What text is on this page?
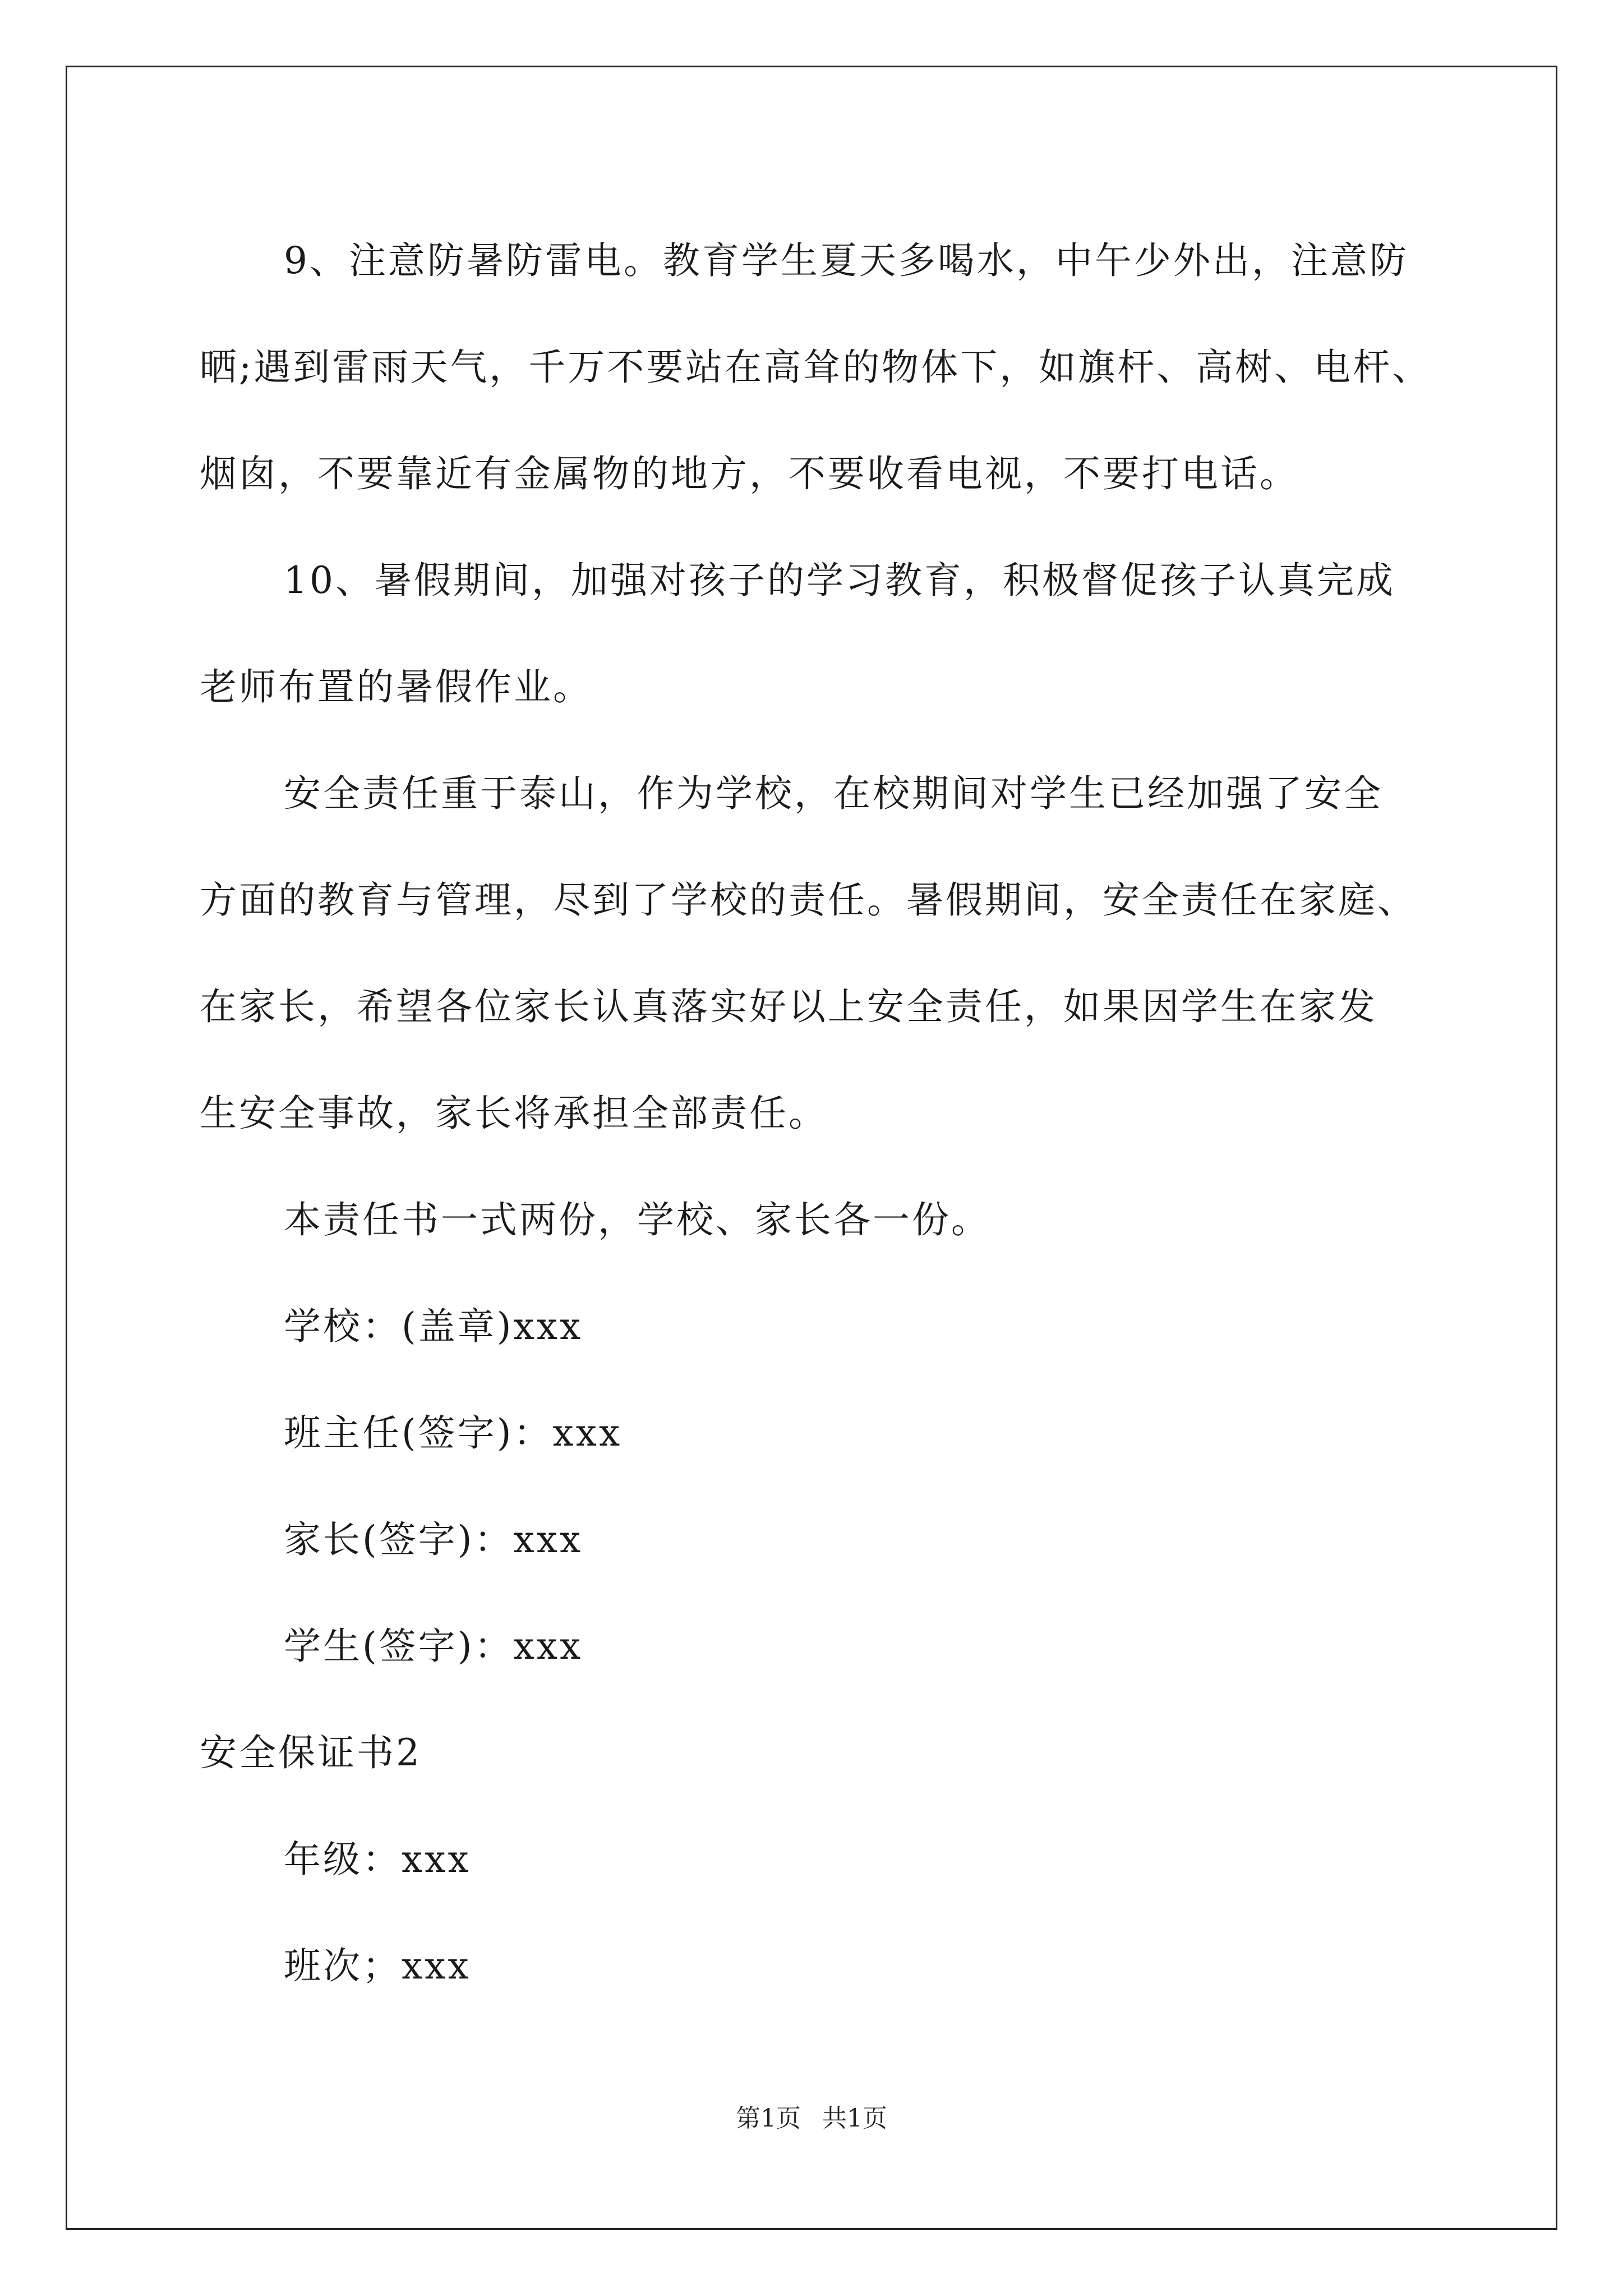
9、注意防暑防雷电。教育学生夏天多喝水，中午少外出，注意防

晒;遇到雷雨天气，千万不要站在高耸的物体下，如旗杆、高树、电杆、

烟囱，不要靠近有金属物的地方，不要收看电视，不要打电话。

10、暑假期间，加强对孩子的学习教育，积极督促孩子认真完成

老师布置的暑假作业。

安全责任重于泰山，作为学校，在校期间对学生已经加强了安全

方面的教育与管理，尽到了学校的责任。暑假期间，安全责任在家庭、

在家长，希望各位家长认真落实好以上安全责任，如果因学生在家发

生安全事故，家长将承担全部责任。

本责任书一式两份，学校、家长各一份。

学校：(盖章)xxx

班主任(签字)：xxx

家长(签字)：xxx

学生(签字)：xxx

安全保证书2

年级：xxx

班次；xxx

第1页 共1页
